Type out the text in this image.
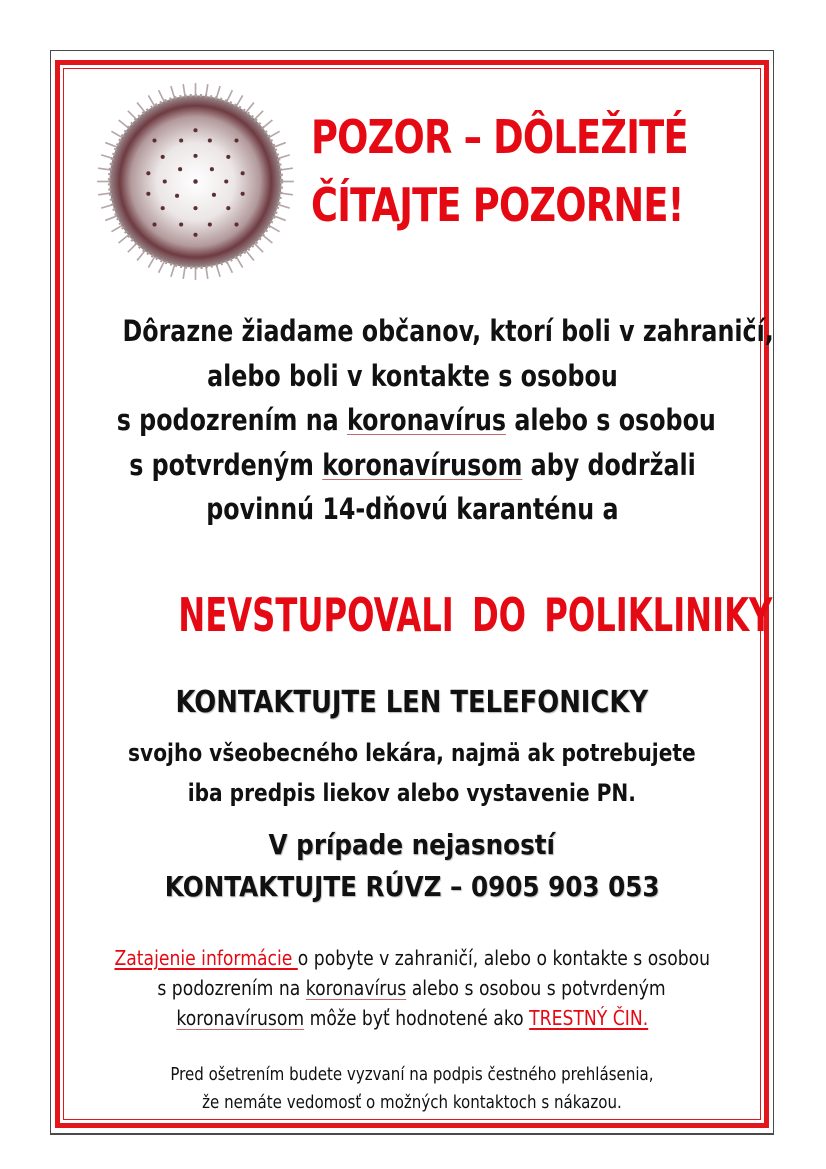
POZOR – DÔLEŽITÉ
ČÍTAJTE POZORNE!
Dôrazne žiadame občanov, ktorí boli v zahraničí,
alebo boli v kontakte s osobou
s podozrením na koronavírus alebo s osobou
s potvrdeným koronavírusom aby dodržali
povinnú 14-dňovú karanténu a
NEVSTUPOVALI DO POLIKLINIKY
KONTAKTUJTE LEN TELEFONICKY
svojho všeobecného lekára, najmä ak potrebujete
iba predpis liekov alebo vystavenie PN.
V prípade nejasností
KONTAKTUJTE RÚVZ – 0905 903 053
Zatajenie informácie o pobyte v zahraničí, alebo o kontakte s osobou
s podozrením na koronavírus alebo s osobou s potvrdeným
koronavírusom môže byť hodnotené ako TRESTNÝ ČIN.
Pred ošetrením budete vyzvaní na podpis čestného prehlásenia,
že nemáte vedomosť o možných kontaktoch s nákazou.
